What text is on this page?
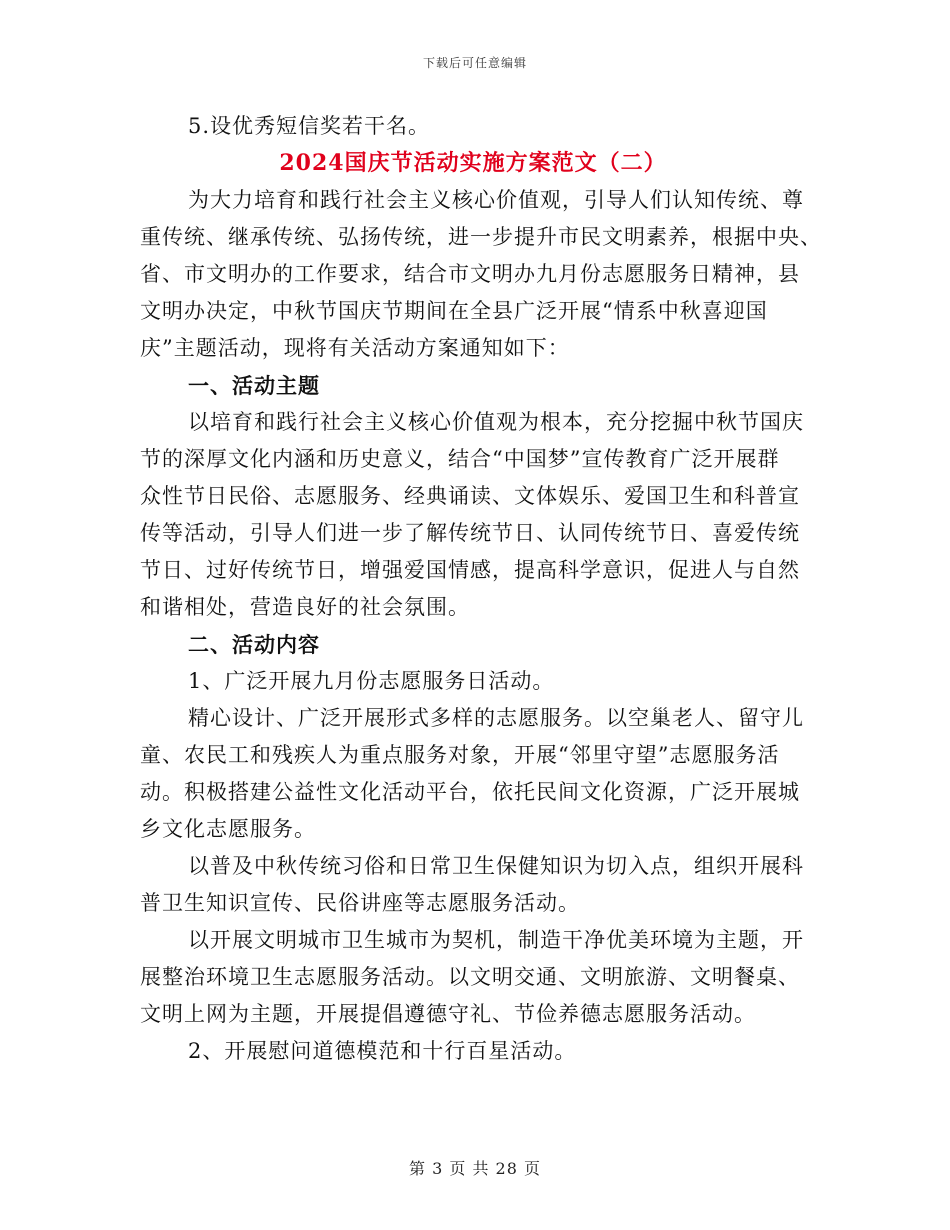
下载后可任意编辑
5.设优秀短信奖若干名。
2024国庆节活动实施方案范文（二）
为大力培育和践行社会主义核心价值观，引导人们认知传统、尊
重传统、继承传统、弘扬传统，进一步提升市民文明素养，根据中央、
省、市文明办的工作要求，结合市文明办九月份志愿服务日精神，县
文明办决定，中秋节国庆节期间在全县广泛开展“情系中秋喜迎国
庆”主题活动，现将有关活动方案通知如下：
一、活动主题
以培育和践行社会主义核心价值观为根本，充分挖掘中秋节国庆
节的深厚文化内涵和历史意义，结合“中国梦”宣传教育广泛开展群
众性节日民俗、志愿服务、经典诵读、文体娱乐、爱国卫生和科普宣
传等活动，引导人们进一步了解传统节日、认同传统节日、喜爱传统
节日、过好传统节日，增强爱国情感，提高科学意识，促进人与自然
和谐相处，营造良好的社会氛围。
二、活动内容
1、广泛开展九月份志愿服务日活动。
精心设计、广泛开展形式多样的志愿服务。以空巢老人、留守儿
童、农民工和残疾人为重点服务对象，开展“邻里守望”志愿服务活
动。积极搭建公益性文化活动平台，依托民间文化资源，广泛开展城
乡文化志愿服务。
以普及中秋传统习俗和日常卫生保健知识为切入点，组织开展科
普卫生知识宣传、民俗讲座等志愿服务活动。
以开展文明城市卫生城市为契机，制造干净优美环境为主题，开
展整治环境卫生志愿服务活动。以文明交通、文明旅游、文明餐桌、
文明上网为主题，开展提倡遵德守礼、节俭养德志愿服务活动。
2、开展慰问道德模范和十行百星活动。
第 3 页 共 28 页
